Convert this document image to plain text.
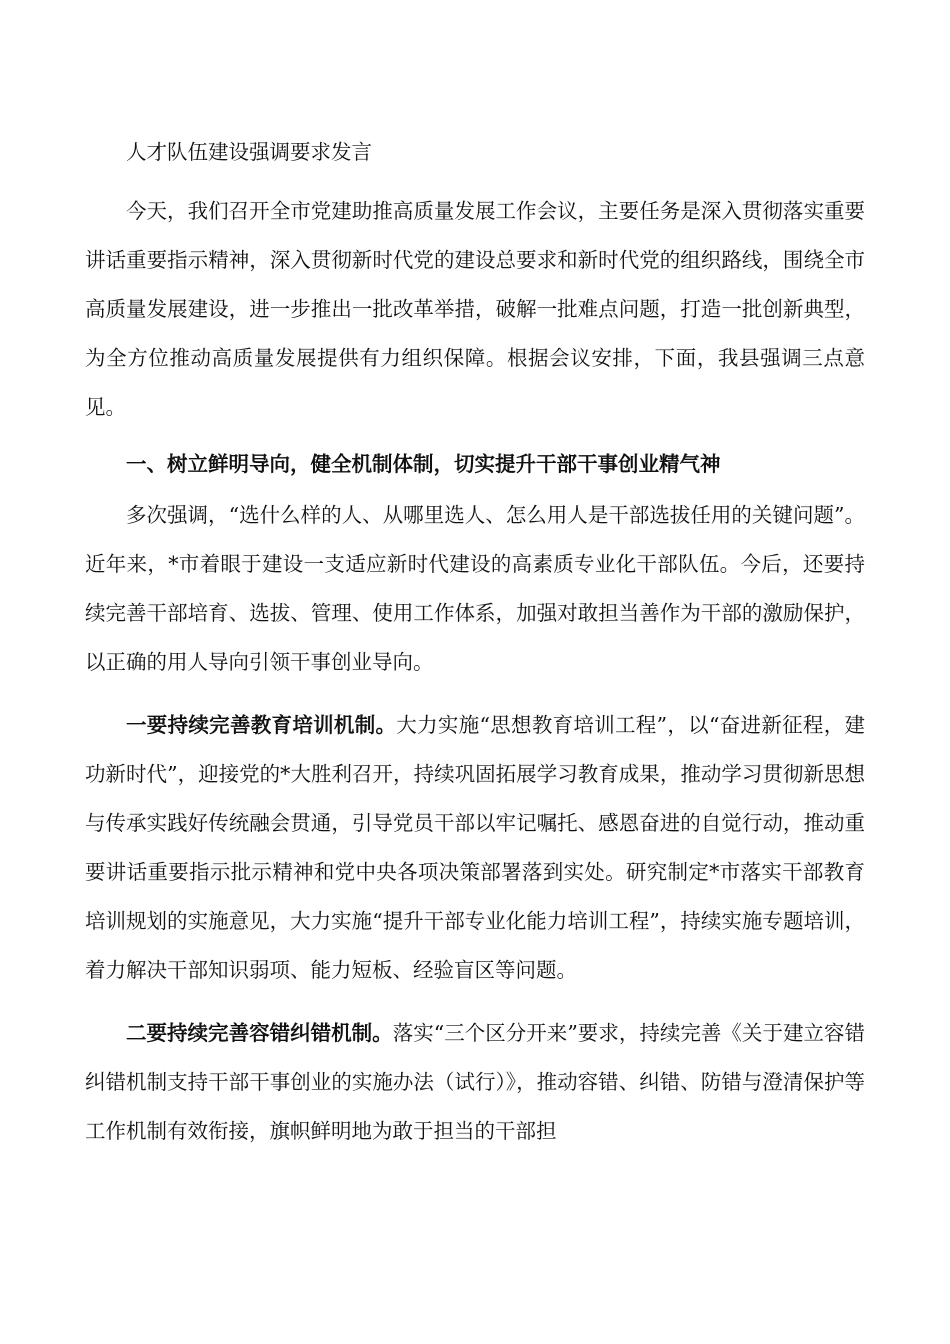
人才队伍建设强调要求发言

今天，我们召开全市党建助推高质量发展工作会议，主要任务是深入贯彻落实重要讲话重要指示精神，深入贯彻新时代党的建设总要求和新时代党的组织路线，围绕全市高质量发展建设，进一步推出一批改革举措，破解一批难点问题，打造一批创新典型，为全方位推动高质量发展提供有力组织保障。根据会议安排，下面，我县强调三点意见。

一、树立鲜明导向，健全机制体制，切实提升干部干事创业精气神

多次强调，“选什么样的人、从哪里选人、怎么用人是干部选拔任用的关键问题”。近年来，*市着眼于建设一支适应新时代建设的高素质专业化干部队伍。今后，还要持续完善干部培育、选拔、管理、使用工作体系，加强对敢担当善作为干部的激励保护，以正确的用人导向引领干事创业导向。

一要持续完善教育培训机制。大力实施“思想教育培训工程”，以“奋进新征程，建功新时代”，迎接党的*大胜利召开，持续巩固拓展学习教育成果，推动学习贯彻新思想与传承实践好传统融会贯通，引导党员干部以牢记嘱托、感恩奋进的自觉行动，推动重要讲话重要指示批示精神和党中央各项决策部署落到实处。研究制定*市落实干部教育培训规划的实施意见，大力实施“提升干部专业化能力培训工程”，持续实施专题培训，着力解决干部知识弱项、能力短板、经验盲区等问题。

二要持续完善容错纠错机制。落实“三个区分开来”要求，持续完善《关于建立容错纠错机制支持干部干事创业的实施办法（试行）》，推动容错、纠错、防错与澄清保护等工作机制有效衔接，旗帜鲜明地为敢于担当的干部担
